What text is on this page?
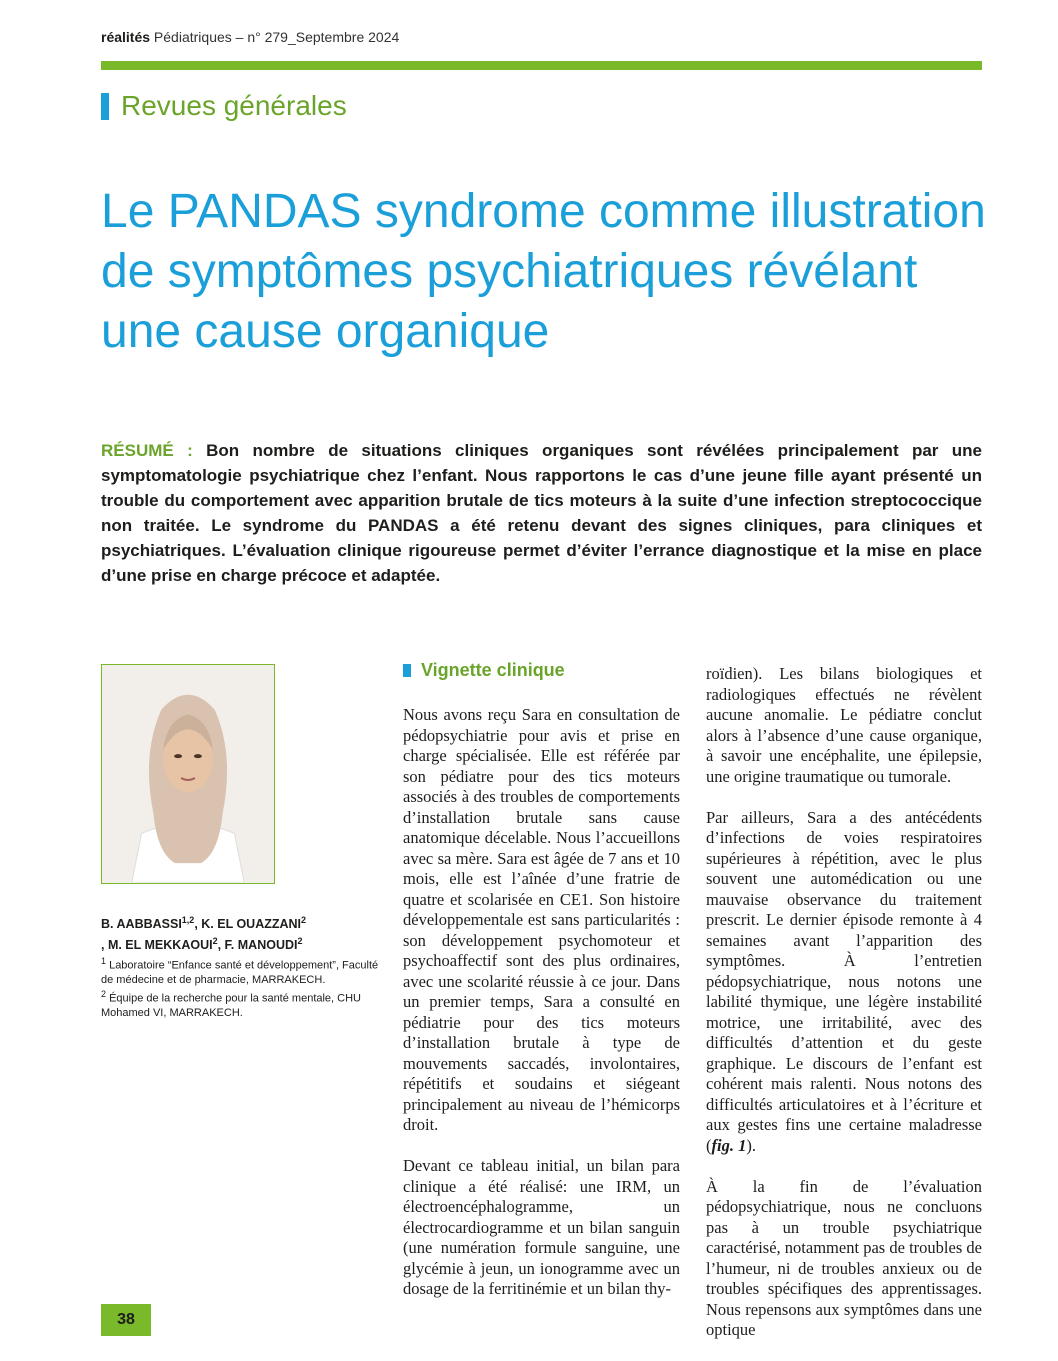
réalités Pédiatriques – n° 279_Septembre 2024
Revues générales
Le PANDAS syndrome comme illustration de symptômes psychiatriques révélant une cause organique

RÉSUMÉ : Bon nombre de situations cliniques organiques sont révélées principalement par une symptomatologie psychiatrique chez l’enfant. Nous rapportons le cas d’une jeune fille ayant présenté un trouble du comportement avec apparition brutale de tics moteurs à la suite d’une infection streptococcique non traitée. Le syndrome du PANDAS a été retenu devant des signes cliniques, para cliniques et psychiatriques. L’évaluation clinique rigoureuse permet d’éviter l’errance diagnostique et la mise en place d’une prise en charge précoce et adaptée.

B. AABBASSI$^{1,2}$, K. EL OUAZZANI$^2$
, M. EL MEKKAOUI$^2$, F. MANOUDI$^2$

$^1$ Laboratoire “Enfance santé et développement”, Faculté de médecine et de pharmacie, MARRAKECH.

$^2$ Équipe de la recherche pour la santé mentale, CHU Mohamed VI, MARRAKECH.

Vignette clinique

Nous avons reçu Sara en consultation de pédopsychiatrie pour avis et prise en charge spécialisée. Elle est référée par son pédiatre pour des tics moteurs associés à des troubles de comportements d’installation brutale sans cause anatomique décelable. Nous l’accueillons avec sa mère. Sara est âgée de 7 ans et 10 mois, elle est l’aînée d’une fratrie de quatre et scolarisée en CE1. Son histoire développementale est sans particularités : son développement psychomoteur et psychoaffectif sont des plus ordinaires, avec une scolarité réussie à ce jour. Dans un premier temps, Sara a consulté en pédiatrie pour des tics moteurs d’installation brutale à type de mouvements saccadés, involontaires, répétitifs et soudains et siégeant principalement au niveau de l’hémicorps droit.

Devant ce tableau initial, un bilan para clinique a été réalisé: une IRM, un électroencéphalogramme, un électrocardiogramme et un bilan sanguin (une numération formule sanguine, une glycémie à jeun, un ionogramme avec un dosage de la ferritinémie et un bilan thy-

roïdien). Les bilans biologiques et radiologiques effectués ne révèlent aucune anomalie. Le pédiatre conclut alors à l’absence d’une cause organique, à savoir une encéphalite, une épilepsie, une origine traumatique ou tumorale.

Par ailleurs, Sara a des antécédents d’infections de voies respiratoires supérieures à répétition, avec le plus souvent une automédication ou une mauvaise observance du traitement prescrit. Le dernier épisode remonte à 4 semaines avant l’apparition des symptômes. À l’entretien pédopsychiatrique, nous notons une labilité thymique, une légère instabilité motrice, une irritabilité, avec des difficultés d’attention et du geste graphique. Le discours de l’enfant est cohérent mais ralenti. Nous notons des difficultés articulatoires et à l’écriture et aux gestes fins une certaine maladresse (fig. 1).

À la fin de l’évaluation pédopsychiatrique, nous ne concluons pas à un trouble psychiatrique caractérisé, notamment pas de troubles de l’humeur, ni de troubles anxieux ou de troubles spécifiques des apprentissages. Nous repensons aux symptômes dans une optique

38
